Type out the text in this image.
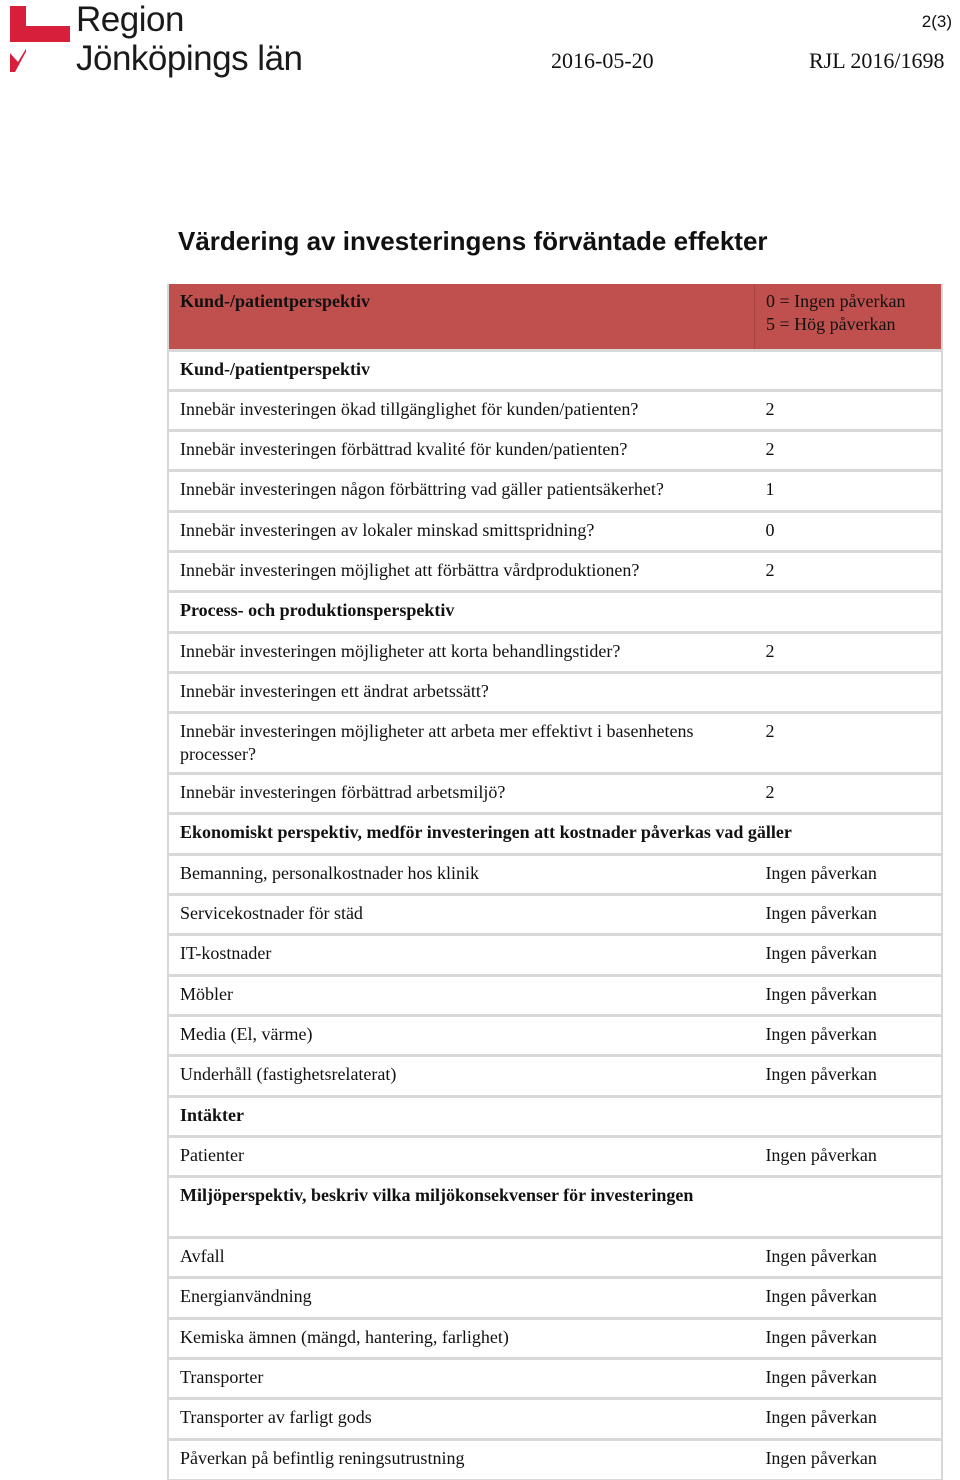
Region
Jönköpings län
2(3)
2016-05-20	RJL 2016/1698
Värdering av investeringens förväntade effekter
Kund-/patientperspektiv	0 = Ingen påverkan
5 = Hög påverkan

Kund-/patientperspektiv	
Innebär investeringen ökad tillgänglighet för kunden/patienten?	2
Innebär investeringen förbättrad kvalité för kunden/patienten?	2
Innebär investeringen någon förbättring vad gäller patientsäkerhet?	1
Innebär investeringen av lokaler minskad smittspridning?	0
Innebär investeringen möjlighet att förbättra vårdproduktionen?	2
Process- och produktionsperspektiv	
Innebär investeringen möjligheter att korta behandlingstider?	2
Innebär investeringen ett ändrat arbetssätt?	
Innebär investeringen möjligheter att arbeta mer effektivt i basenhetens processer?	2
Innebär investeringen förbättrad arbetsmiljö?	2
Ekonomiskt perspektiv, medför investeringen att kostnader påverkas vad gäller	
Bemanning, personalkostnader hos klinik	Ingen påverkan
Servicekostnader för städ	Ingen påverkan
IT-kostnader	Ingen påverkan
Möbler	Ingen påverkan
Media (El, värme)	Ingen påverkan
Underhåll (fastighetsrelaterat)	Ingen påverkan
Intäkter	
Patienter	Ingen påverkan
Miljöperspektiv, beskriv vilka miljökonsekvenser för investeringen	
Avfall	Ingen påverkan
Energianvändning	Ingen påverkan
Kemiska ämnen (mängd, hantering, farlighet)	Ingen påverkan
Transporter	Ingen påverkan
Transporter av farligt gods	Ingen påverkan
Påverkan på befintlig reningsutrustning	Ingen påverkan
